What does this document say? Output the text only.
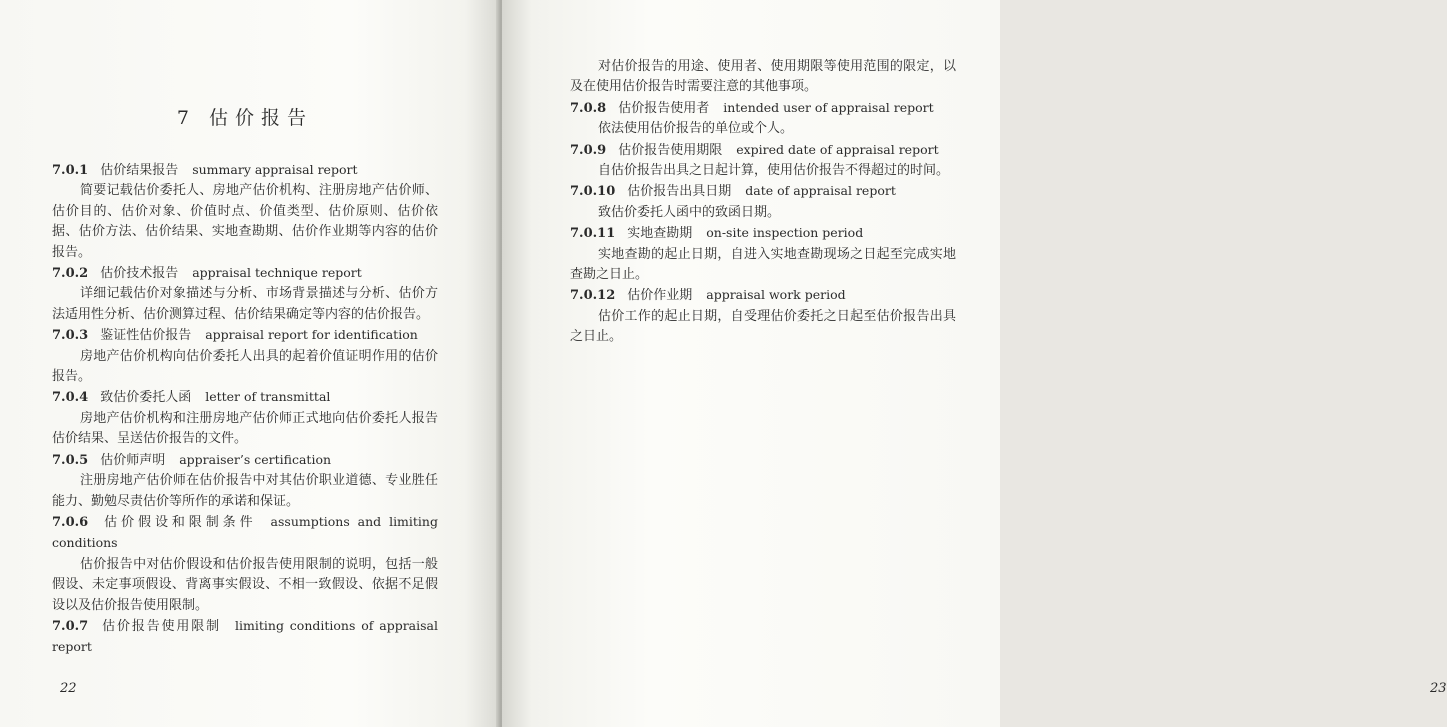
7 估价报告

7.0.1 估价结果报告 summary appraisal report

简要记载估价委托人、房地产估价机构、注册房地产估价师、估价目的、估价对象、价值时点、价值类型、估价原则、估价依据、估价方法、估价结果、实地查勘期、估价作业期等内容的估价报告。

7.0.2 估价技术报告 appraisal technique report

详细记载估价对象描述与分析、市场背景描述与分析、估价方法适用性分析、估价测算过程、估价结果确定等内容的估价报告。

7.0.3 鉴证性估价报告 appraisal report for identification

房地产估价机构向估价委托人出具的起着价值证明作用的估价报告。

7.0.4 致估价委托人函 letter of transmittal

房地产估价机构和注册房地产估价师正式地向估价委托人报告估价结果、呈送估价报告的文件。

7.0.5 估价师声明 appraiser’s certification

注册房地产估价师在估价报告中对其估价职业道德、专业胜任能力、勤勉尽责估价等所作的承诺和保证。

7.0.6 估价假设和限制条件 assumptions and limiting conditions

估价报告中对估价假设和估价报告使用限制的说明，包括一般假设、未定事项假设、背离事实假设、不相一致假设、依据不足假设以及估价报告使用限制。

7.0.7 估价报告使用限制 limiting conditions of appraisal report

22	23

对估价报告的用途、使用者、使用期限等使用范围的限定，以及在使用估价报告时需要注意的其他事项。

7.0.8 估价报告使用者 intended user of appraisal report

依法使用估价报告的单位或个人。

7.0.9 估价报告使用期限 expired date of appraisal report

自估价报告出具之日起计算，使用估价报告不得超过的时间。

7.0.10 估价报告出具日期 date of appraisal report

致估价委托人函中的致函日期。

7.0.11 实地查勘期 on-site inspection period

实地查勘的起止日期，自进入实地查勘现场之日起至完成实地查勘之日止。

7.0.12 估价作业期 appraisal work period

估价工作的起止日期，自受理估价委托之日起至估价报告出具之日止。
